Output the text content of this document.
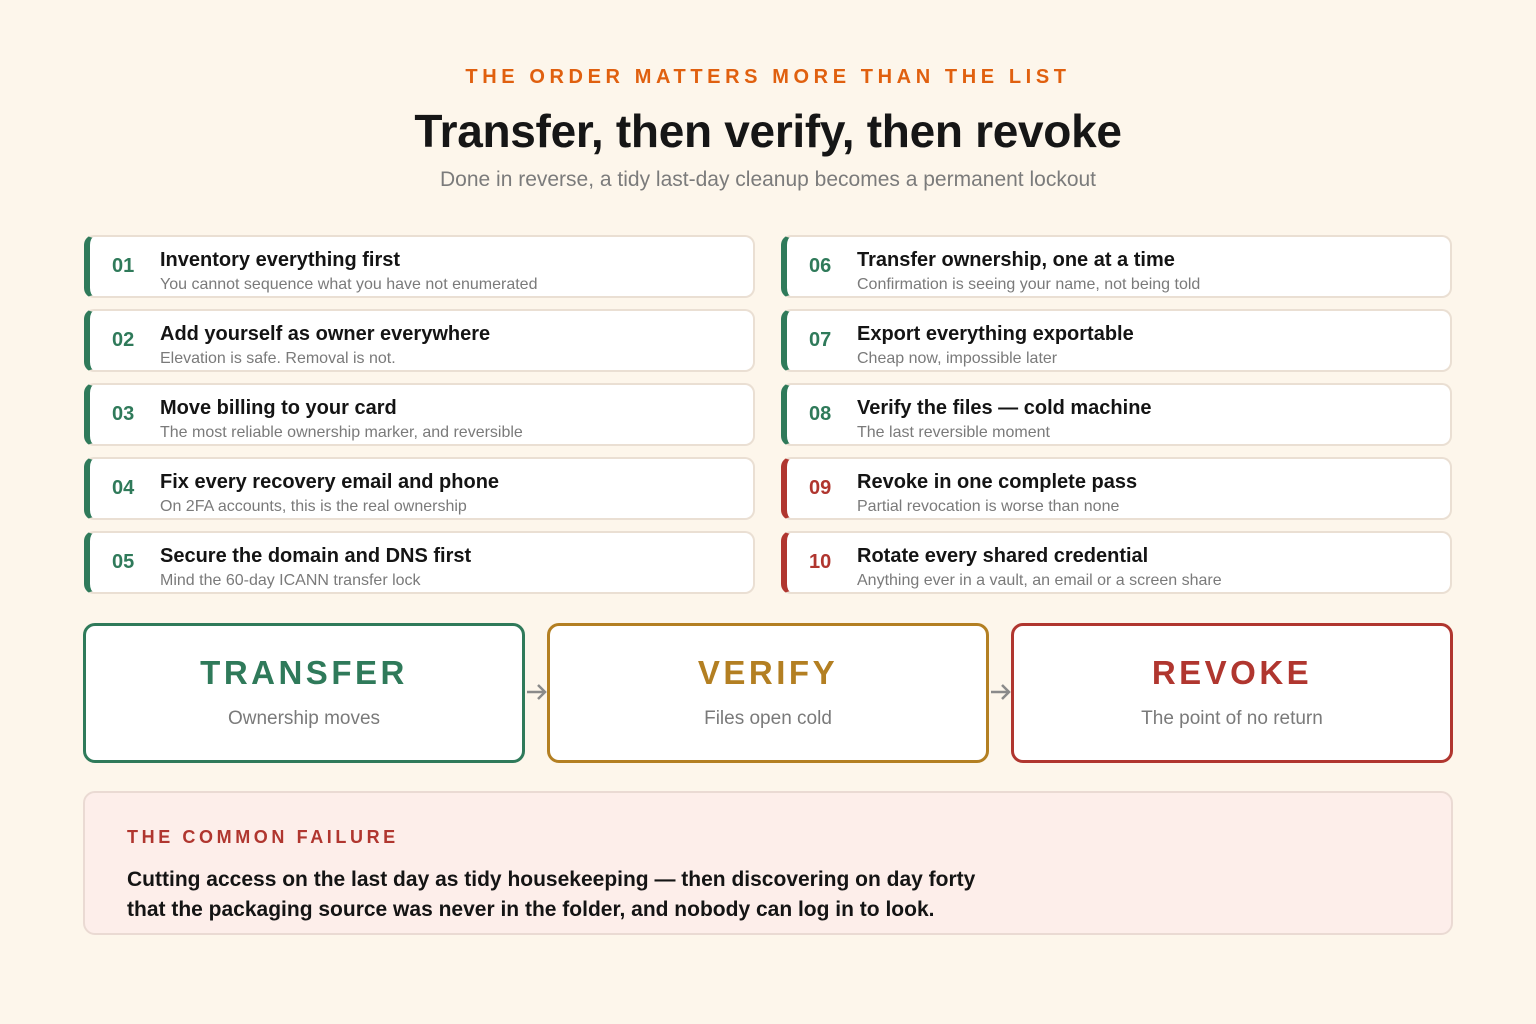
THE ORDER MATTERS MORE THAN THE LIST
Transfer, then verify, then revoke
Done in reverse, a tidy last-day cleanup becomes a permanent lockout
01 Inventory everything first
You cannot sequence what you have not enumerated
02 Add yourself as owner everywhere
Elevation is safe. Removal is not.
03 Move billing to your card
The most reliable ownership marker, and reversible
04 Fix every recovery email and phone
On 2FA accounts, this is the real ownership
05 Secure the domain and DNS first
Mind the 60-day ICANN transfer lock
06 Transfer ownership, one at a time
Confirmation is seeing your name, not being told
07 Export everything exportable
Cheap now, impossible later
08 Verify the files — cold machine
The last reversible moment
09 Revoke in one complete pass
Partial revocation is worse than none
10 Rotate every shared credential
Anything ever in a vault, an email or a screen share
TRANSFER
Ownership moves
VERIFY
Files open cold
REVOKE
The point of no return
THE COMMON FAILURE
Cutting access on the last day as tidy housekeeping — then discovering on day forty
that the packaging source was never in the folder, and nobody can log in to look.
